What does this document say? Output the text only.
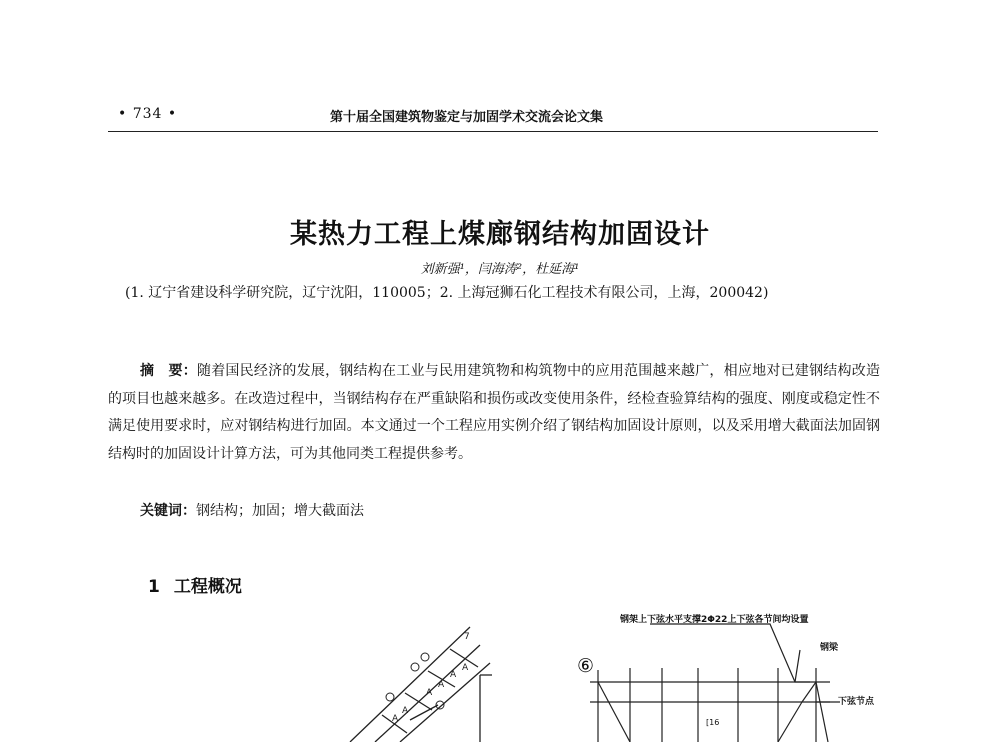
• 734 •	第十届全国建筑物鉴定与加固学术交流会论文集
某热力工程上煤廊钢结构加固设计
刘新强¹，闫海涛²，杜延海¹
(1. 辽宁省建设科学研究院，辽宁沈阳，110005；2. 上海冠狮石化工程技术有限公司，上海，200042)
摘　要：随着国民经济的发展，钢结构在工业与民用建筑物和构筑物中的应用范围越来越广，相应地对已建钢结构改造的项目也越来越多。在改造过程中，当钢结构存在严重缺陷和损伤或改变使用条件，经检查验算结构的强度、刚度或稳定性不满足使用要求时，应对钢结构进行加固。本文通过一个工程应用实例介绍了钢结构加固设计原则，以及采用增大截面法加固钢结构时的加固设计计算方法，可为其他同类工程提供参考。
关键词：钢结构；加固；增大截面法
1 工程概况
A
A
A
A
A
A
7
钢架上下弦水平支撑2Φ22上下弦各节间均设置
⑥
钢梁
下弦节点
[16
